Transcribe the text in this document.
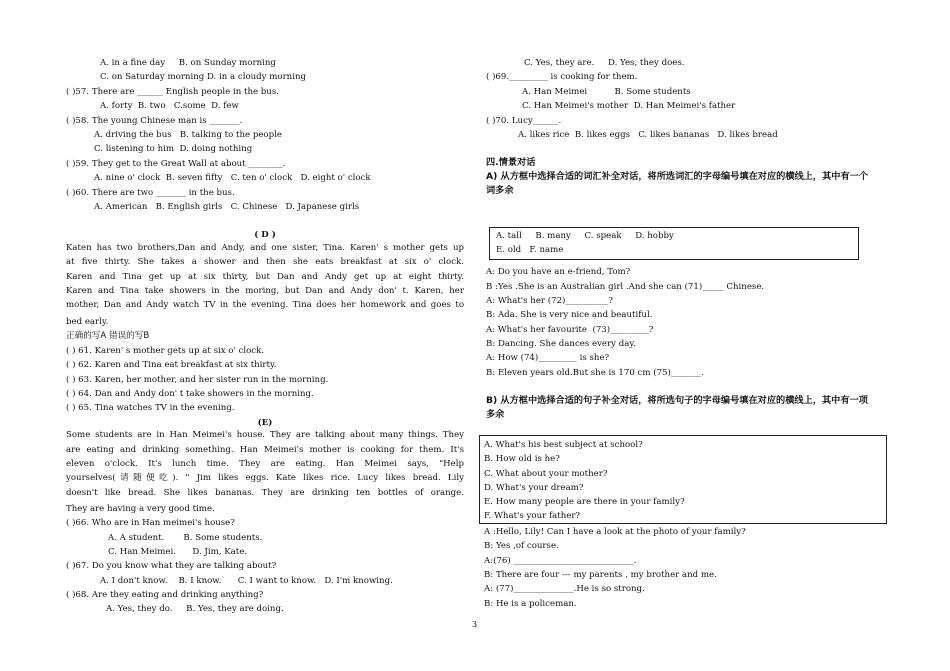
A. in a fine day     B. on Sunday morning
C. on Saturday morning D. in a cloudy morning
( )57. There are ______ English people in the bus.
A. forty  B. two   C.some  D. few
( )58. The young Chinese man is _______.
A. driving the bus   B. talking to the people
C. listening to him  D. doing nothing
( )59. They get to the Great Wall at about ________.
A. nine o' clock  B. seven fifty   C. ten o' clock   D. eight o' clock
( )60. There are two _______ in the bus.
A. American   B. English girls   C. Chinese   D. Japanese girls
( D )
Katen has two brothers,Dan and Andy, and one sister, Tina. Karen' s mother gets up
at five thirty. She takes a shower and then she eats breakfast at six o' clock.
Karen and Tina get up at six thirty, but Dan and Andy get up at eight thirty.
Karen and Tina take showers in the moring, but Dan and Andy don' t. Karen, her
mother, Dan and Andy watch TV in the evening. Tina does her homework and goes to
bed early.
正确的写A 错误的写B
( ) 61. Karen' s mother gets up at six o' clock.
( ) 62. Karen and Tina eat breakfast at six thirty.
( ) 63. Karen, her mother, and her sister run in the morning.
( ) 64. Dan and Andy don' t take showers in the morning.
( ) 65. Tina watches TV in the evening.
(E)
Some students are in Han Meimei's house. They are talking about many things. They
are eating and drinking something. Han Meimei's mother is cooking for them. It's
eleven o'clock. It's lunch time. They are eating. Han Meimei says, "Help
yourselves(请随便吃). " Jim likes eggs. Kate likes rice. Lucy likes bread. Lily
doesn't like bread. She likes bananas. They are drinking ten bottles of orange.
They are having a very good time.
( )66. Who are in Han meimei's house?
A. A student.       B. Some students.
C. Han Meimei.      D. Jim, Kate.
( )67. Do you know what they are talking about?
A. I don't know.    B. I know.      C. I want to know.   D. I'm knowing.
( )68. Are they eating and drinking anything?
A. Yes, they do.     B. Yes, they are doing.
C. Yes, they are.     D. Yes, they does.
( )69._________ is cooking for them.
A. Han Meimei          B. Some students
C. Han Meimei's mother  D. Han Meimei's father
( )70. Lucy______.
A. likes rice  B. likes eggs   C. likes bananas   D. likes bread
四.情景对话
A) 从方框中选择合适的词汇补全对话，将所选词汇的字母编号填在对应的横线上，其中有一个
词多余
A. tall     B. many     C. speak     D. hobby
E. old   F. name
A: Do you have an e-friend, Tom?
B :Yes .She is an Australian girl .And she can (71)_____ Chinese.
A: What's her (72)__________?
B: Ada. She is very nice and beautiful.
A: What's her favourite  (73)_________?
B: Dancing. She dances every day.
A: How (74)_________ is she?
B: Eleven years old.But she is 170 cm (75)_______.
B) 从方框中选择合适的句子补全对话，将所选句子的字母编号填在对应的横线上，其中有一项
多余
A. What's his best subject at school?
B. How old is he?
C. What about your mother?
D. What's your dream?
E. How many people are there in your family?
F. What's your father?
A :Hello, Lily! Can I have a look at the photo of your family?
B: Yes ,of course.
A:(76) ____________________________.
B: There are four --- my parents , my brother and me.
A: (77)______________.He is so strong.
B: He is a policeman.
3
